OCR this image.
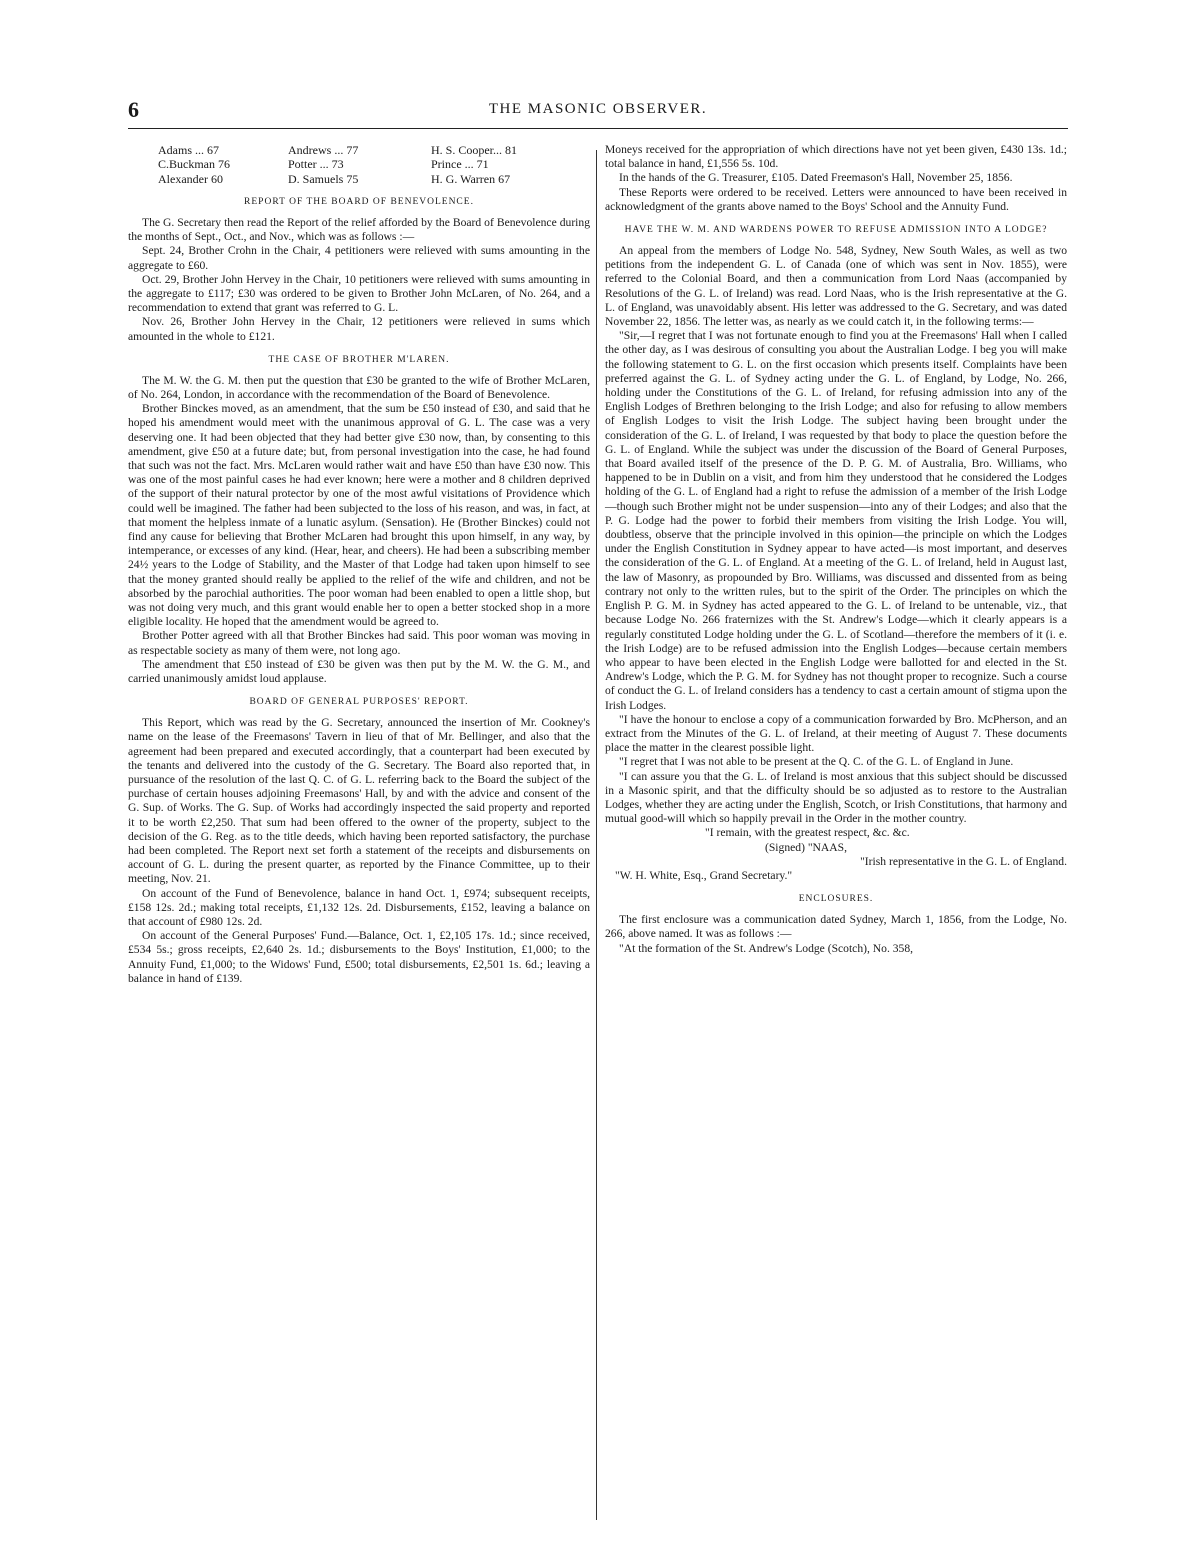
6	THE MASONIC OBSERVER.
Adams ... 67	Andrews ... 77	H. S. Cooper... 81
C.Buckman 76	Potter ... 73	Prince ... 71
Alexander 60	D. Samuels 75	H. G. Warren 67
REPORT OF THE BOARD OF BENEVOLENCE.

The G. Secretary then read the Report of the relief afforded by the Board of Benevolence during the months of Sept., Oct., and Nov., which was as follows :—

Sept. 24, Brother Crohn in the Chair, 4 petitioners were relieved with sums amounting in the aggregate to £60.

Oct. 29, Brother John Hervey in the Chair, 10 petitioners were relieved with sums amounting in the aggregate to £117; £30 was ordered to be given to Brother John McLaren, of No. 264, and a recommendation to extend that grant was referred to G. L.

Nov. 26, Brother John Hervey in the Chair, 12 petitioners were relieved in sums which amounted in the whole to £121.

THE CASE OF BROTHER M'LAREN.

The M. W. the G. M. then put the question that £30 be granted to the wife of Brother McLaren, of No. 264, London, in accordance with the recommendation of the Board of Benevolence.

Brother Binckes moved, as an amendment, that the sum be £50 instead of £30, and said that he hoped his amendment would meet with the unanimous approval of G. L. The case was a very deserving one. It had been objected that they had better give £30 now, than, by consenting to this amendment, give £50 at a future date; but, from personal investigation into the case, he had found that such was not the fact. Mrs. McLaren would rather wait and have £50 than have £30 now. This was one of the most painful cases he had ever known; here were a mother and 8 children deprived of the support of their natural protector by one of the most awful visitations of Providence which could well be imagined. The father had been subjected to the loss of his reason, and was, in fact, at that moment the helpless inmate of a lunatic asylum. (Sensation). He (Brother Binckes) could not find any cause for believing that Brother McLaren had brought this upon himself, in any way, by intemperance, or excesses of any kind. (Hear, hear, and cheers). He had been a subscribing member 24½ years to the Lodge of Stability, and the Master of that Lodge had taken upon himself to see that the money granted should really be applied to the relief of the wife and children, and not be absorbed by the parochial authorities. The poor woman had been enabled to open a little shop, but was not doing very much, and this grant would enable her to open a better stocked shop in a more eligible locality. He hoped that the amendment would be agreed to.

Brother Potter agreed with all that Brother Binckes had said. This poor woman was moving in as respectable society as many of them were, not long ago.

The amendment that £50 instead of £30 be given was then put by the M. W. the G. M., and carried unanimously amidst loud applause.

BOARD OF GENERAL PURPOSES' REPORT.

This Report, which was read by the G. Secretary, announced the insertion of Mr. Cookney's name on the lease of the Freemasons' Tavern in lieu of that of Mr. Bellinger, and also that the agreement had been prepared and executed accordingly, that a counterpart had been executed by the tenants and delivered into the custody of the G. Secretary. The Board also reported that, in pursuance of the resolution of the last Q. C. of G. L. referring back to the Board the subject of the purchase of certain houses adjoining Freemasons' Hall, by and with the advice and consent of the G. Sup. of Works. The G. Sup. of Works had accordingly inspected the said property and reported it to be worth £2,250. That sum had been offered to the owner of the property, subject to the decision of the G. Reg. as to the title deeds, which having been reported satisfactory, the purchase had been completed. The Report next set forth a statement of the receipts and disbursements on account of G. L. during the present quarter, as reported by the Finance Committee, up to their meeting, Nov. 21.

On account of the Fund of Benevolence, balance in hand Oct. 1, £974; subsequent receipts, £158 12s. 2d.; making total receipts, £1,132 12s. 2d. Disbursements, £152, leaving a balance on that account of £980 12s. 2d.

On account of the General Purposes' Fund.—Balance, Oct. 1, £2,105 17s. 1d.; since received, £534 5s.; gross receipts, £2,640 2s. 1d.; disbursements to the Boys' Institution, £1,000; to the Annuity Fund, £1,000; to the Widows' Fund, £500; total disbursements, £2,501 1s. 6d.; leaving a balance in hand of £139.

Moneys received for the appropriation of which directions have not yet been given, £430 13s. 1d.; total balance in hand, £1,556 5s. 10d.

In the hands of the G. Treasurer, £105. Dated Freemason's Hall, November 25, 1856.

These Reports were ordered to be received. Letters were announced to have been received in acknowledgment of the grants above named to the Boys' School and the Annuity Fund.

HAVE THE W. M. AND WARDENS POWER TO REFUSE ADMISSION INTO A LODGE?

An appeal from the members of Lodge No. 548, Sydney, New South Wales, as well as two petitions from the independent G. L. of Canada (one of which was sent in Nov. 1855), were referred to the Colonial Board, and then a communication from Lord Naas (accompanied by Resolutions of the G. L. of Ireland) was read. Lord Naas, who is the Irish representative at the G. L. of England, was unavoidably absent. His letter was addressed to the G. Secretary, and was dated November 22, 1856. The letter was, as nearly as we could catch it, in the following terms:—

"Sir,—I regret that I was not fortunate enough to find you at the Freemasons' Hall when I called the other day, as I was desirous of consulting you about the Australian Lodge. I beg you will make the following statement to G. L. on the first occasion which presents itself. Complaints have been preferred against the G. L. of Sydney acting under the G. L. of England, by Lodge, No. 266, holding under the Constitutions of the G. L. of Ireland, for refusing admission into any of the English Lodges of Brethren belonging to the Irish Lodge; and also for refusing to allow members of English Lodges to visit the Irish Lodge. The subject having been brought under the consideration of the G. L. of Ireland, I was requested by that body to place the question before the G. L. of England. While the subject was under the discussion of the Board of General Purposes, that Board availed itself of the presence of the D. P. G. M. of Australia, Bro. Williams, who happened to be in Dublin on a visit, and from him they understood that he considered the Lodges holding of the G. L. of England had a right to refuse the admission of a member of the Irish Lodge—though such Brother might not be under suspension—into any of their Lodges; and also that the P. G. Lodge had the power to forbid their members from visiting the Irish Lodge. You will, doubtless, observe that the principle involved in this opinion—the principle on which the Lodges under the English Constitution in Sydney appear to have acted—is most important, and deserves the consideration of the G. L. of England. At a meeting of the G. L. of Ireland, held in August last, the law of Masonry, as propounded by Bro. Williams, was discussed and dissented from as being contrary not only to the written rules, but to the spirit of the Order. The principles on which the English P. G. M. in Sydney has acted appeared to the G. L. of Ireland to be untenable, viz., that because Lodge No. 266 fraternizes with the St. Andrew's Lodge—which it clearly appears is a regularly constituted Lodge holding under the G. L. of Scotland—therefore the members of it (i. e. the Irish Lodge) are to be refused admission into the English Lodges—because certain members who appear to have been elected in the English Lodge were ballotted for and elected in the St. Andrew's Lodge, which the P. G. M. for Sydney has not thought proper to recognize. Such a course of conduct the G. L. of Ireland considers has a tendency to cast a certain amount of stigma upon the Irish Lodges.

"I have the honour to enclose a copy of a communication forwarded by Bro. McPherson, and an extract from the Minutes of the G. L. of Ireland, at their meeting of August 7. These documents place the matter in the clearest possible light.

"I regret that I was not able to be present at the Q. C. of the G. L. of England in June.

"I can assure you that the G. L. of Ireland is most anxious that this subject should be discussed in a Masonic spirit, and that the difficulty should be so adjusted as to restore to the Australian Lodges, whether they are acting under the English, Scotch, or Irish Constitutions, that harmony and mutual good-will which so happily prevail in the Order in the mother country.

"I remain, with the greatest respect, &c. &c.

(Signed) "NAAS,

"Irish representative in the G. L. of England.

"W. H. White, Esq., Grand Secretary."

ENCLOSURES.

The first enclosure was a communication dated Sydney, March 1, 1856, from the Lodge, No. 266, above named. It was as follows :—

"At the formation of the St. Andrew's Lodge (Scotch), No. 358,
